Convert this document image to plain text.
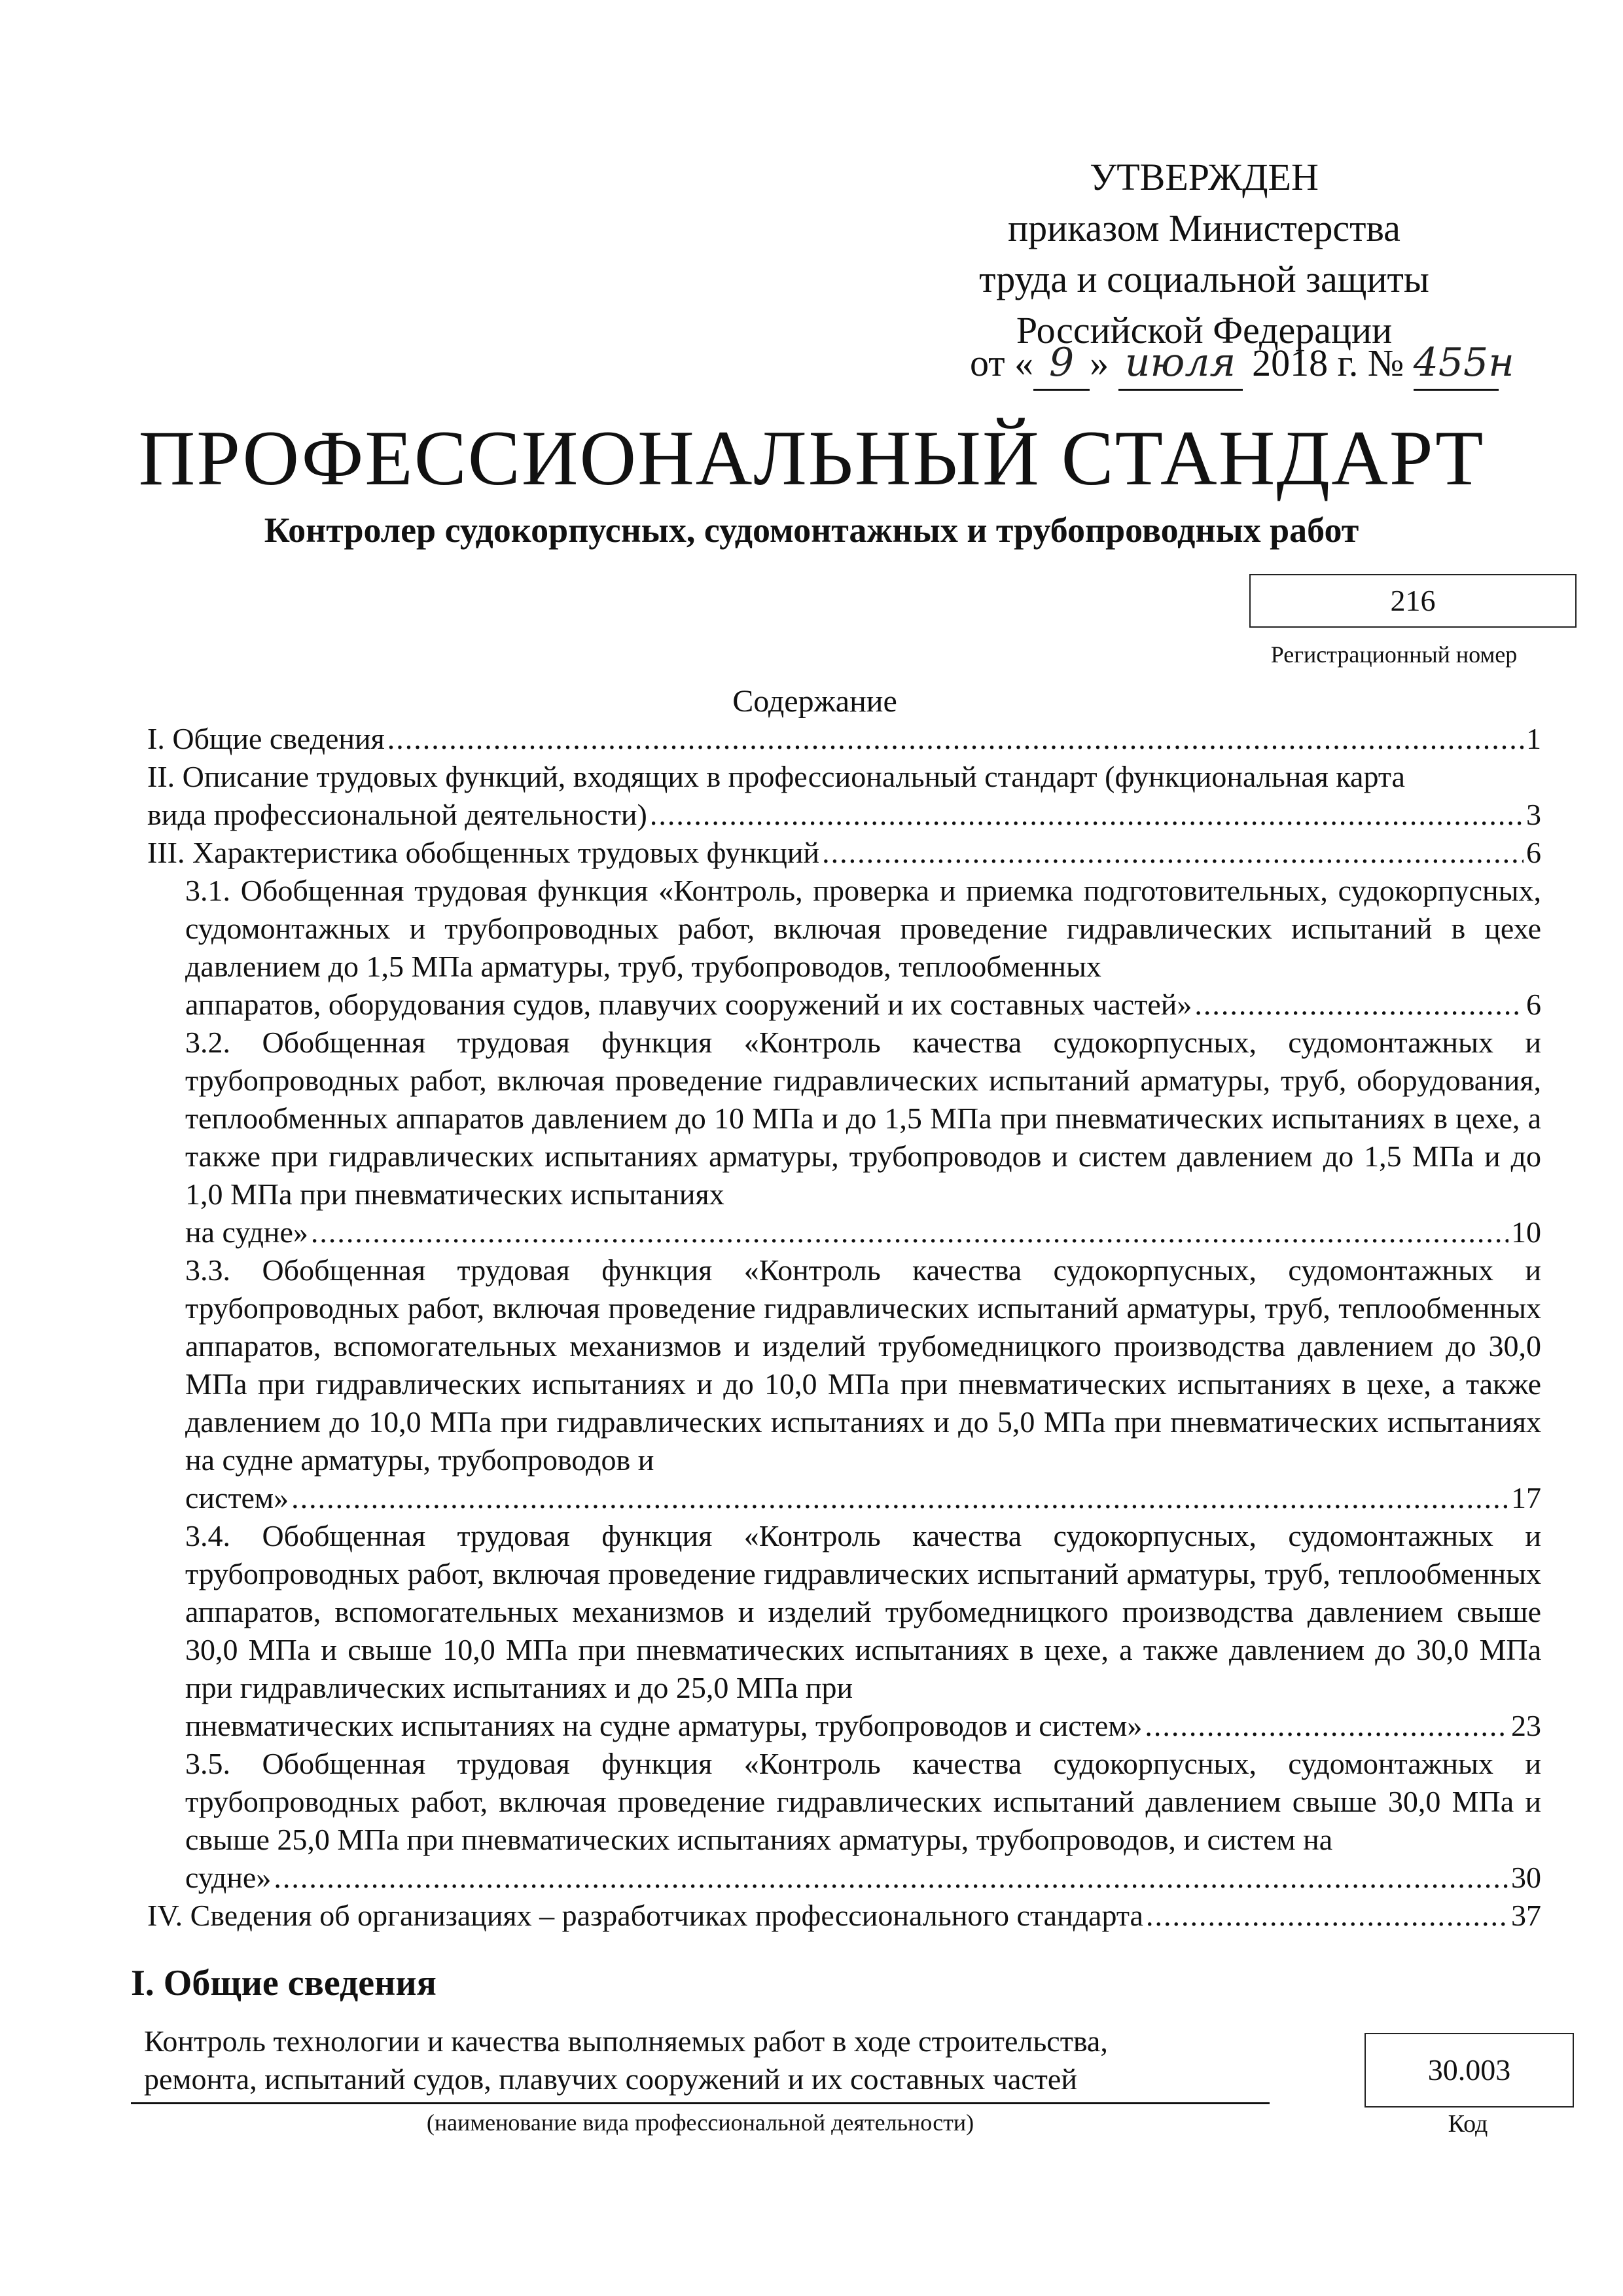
УТВЕРЖДЕН
приказом Министерства
труда и социальной защиты
Российской Федерации
от « 9 » июля 2018 г. № 455н
ПРОФЕССИОНАЛЬНЫЙ СТАНДАРТ
Контролер судокорпусных, судомонтажных и трубопроводных работ
216
Регистрационный номер
Содержание
I. Общие сведения .....	1

II. Описание трудовых функций, входящих в профессиональный стандарт (функциональная карта

вида профессиональной деятельности) .....	3
III. Характеристика обобщенных трудовых функций .....	6

3.1. Обобщенная трудовая функция «Контроль, проверка и приемка подготовительных, судокорпусных, судомонтажных и трубопроводных работ, включая проведение гидравлических испытаний в цехе давлением до 1,5 МПа арматуры, труб, трубопроводов, теплообменных

аппаратов, оборудования судов, плавучих сооружений и их составных частей» .....	6

3.2. Обобщенная трудовая функция «Контроль качества судокорпусных, судомонтажных и трубопроводных работ, включая проведение гидравлических испытаний арматуры, труб, оборудования, теплообменных аппаратов давлением до 10 МПа и до 1,5 МПа при пневматических испытаниях в цехе, а также при гидравлических испытаниях арматуры, трубопроводов и систем давлением до 1,5 МПа и до 1,0 МПа при пневматических испытаниях

на судне» .....	10

3.3. Обобщенная трудовая функция «Контроль качества судокорпусных, судомонтажных и трубопроводных работ, включая проведение гидравлических испытаний арматуры, труб, теплообменных аппаратов, вспомогательных механизмов и изделий трубомедницкого производства давлением до 30,0 МПа при гидравлических испытаниях и до 10,0 МПа при пневматических испытаниях в цехе, а также давлением до 10,0 МПа при гидравлических испытаниях и до 5,0 МПа при пневматических испытаниях на судне арматуры, трубопроводов и

систем» .....	17

3.4. Обобщенная трудовая функция «Контроль качества судокорпусных, судомонтажных и трубопроводных работ, включая проведение гидравлических испытаний арматуры, труб, теплообменных аппаратов, вспомогательных механизмов и изделий трубомедницкого производства давлением свыше 30,0 МПа и свыше 10,0 МПа при пневматических испытаниях в цехе, а также давлением до 30,0 МПа при гидравлических испытаниях и до 25,0 МПа при

пневматических испытаниях на судне арматуры, трубопроводов и систем» .....	23

3.5. Обобщенная трудовая функция «Контроль качества судокорпусных, судомонтажных и трубопроводных работ, включая проведение гидравлических испытаний давлением свыше 30,0 МПа и свыше 25,0 МПа при пневматических испытаниях арматуры, трубопроводов, и систем на

судне» .....	30
IV. Сведения об организациях – разработчиках профессионального стандарта .....	37
I. Общие сведения
Контроль технологии и качества выполняемых работ в ходе строительства, ремонта, испытаний судов, плавучих сооружений и их составных частей
(наименование вида профессиональной деятельности)
30.003
Код
